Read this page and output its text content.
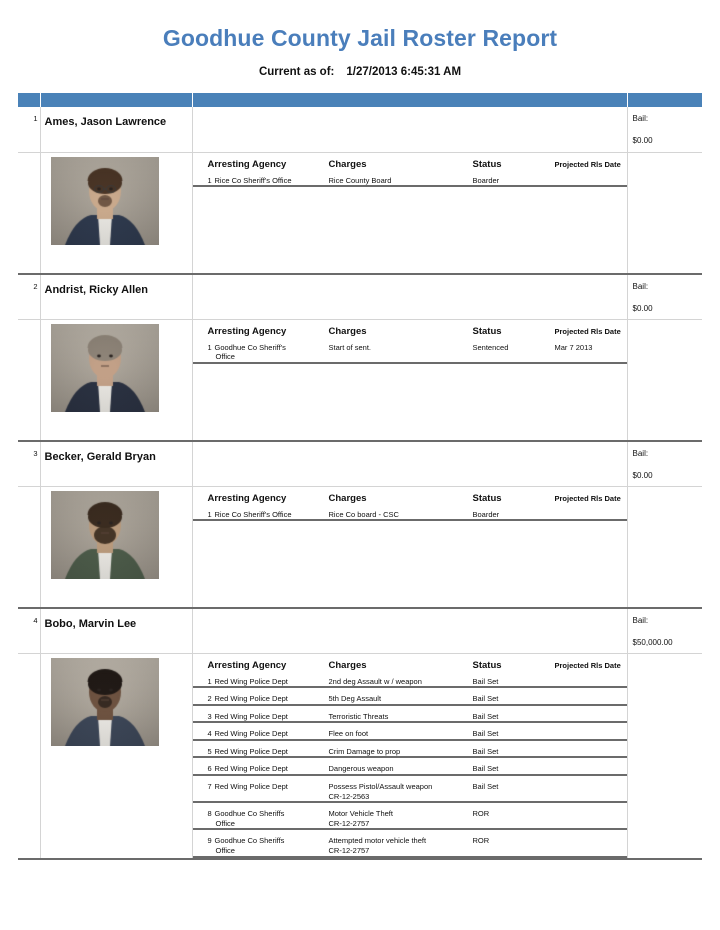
Goodhue County Jail Roster Report
Current as of: 1/27/2013 6:45:31 AM

1	Ames, Jason Lawrence		Bail:
$0.00

Arresting Agency	Charges	Status	Projected Rls Date
1 Rice Co Sheriff's Office	Rice County Board	Boarder	

2	Andrist, Ricky Allen		Bail:
$0.00

Arresting Agency	Charges	Status	Projected Rls Date
1 Goodhue Co Sheriff's
Office
	Start of sent.	Sentenced	Mar 7 2013

3	Becker, Gerald Bryan		Bail:
$0.00

Arresting Agency	Charges	Status	Projected Rls Date
1 Rice Co Sheriff's Office	Rice Co board - CSC	Boarder	

4	Bobo, Marvin Lee		Bail:
$50,000.00

Arresting Agency	Charges	Status	Projected Rls Date
1 Red Wing Police Dept	2nd deg Assault w / weapon	Bail Set	
2 Red Wing Police Dept	5th Deg Assault	Bail Set	
3 Red Wing Police Dept	Terroristic Threats	Bail Set	
4 Red Wing Police Dept	Flee on foot	Bail Set	
5 Red Wing Police Dept	Crim Damage to prop	Bail Set	
6 Red Wing Police Dept	Dangerous weapon	Bail Set	
7 Red Wing Police Dept	Possess Pistol/Assault weapon
CR-12-2563
	Bail Set	
8 Goodhue Co Sheriffs
Office
	Motor Vehicle Theft
CR-12-2757
	ROR	
9 Goodhue Co Sheriffs
Office
	Attempted motor vehicle theft
CR-12-2757
	ROR	
